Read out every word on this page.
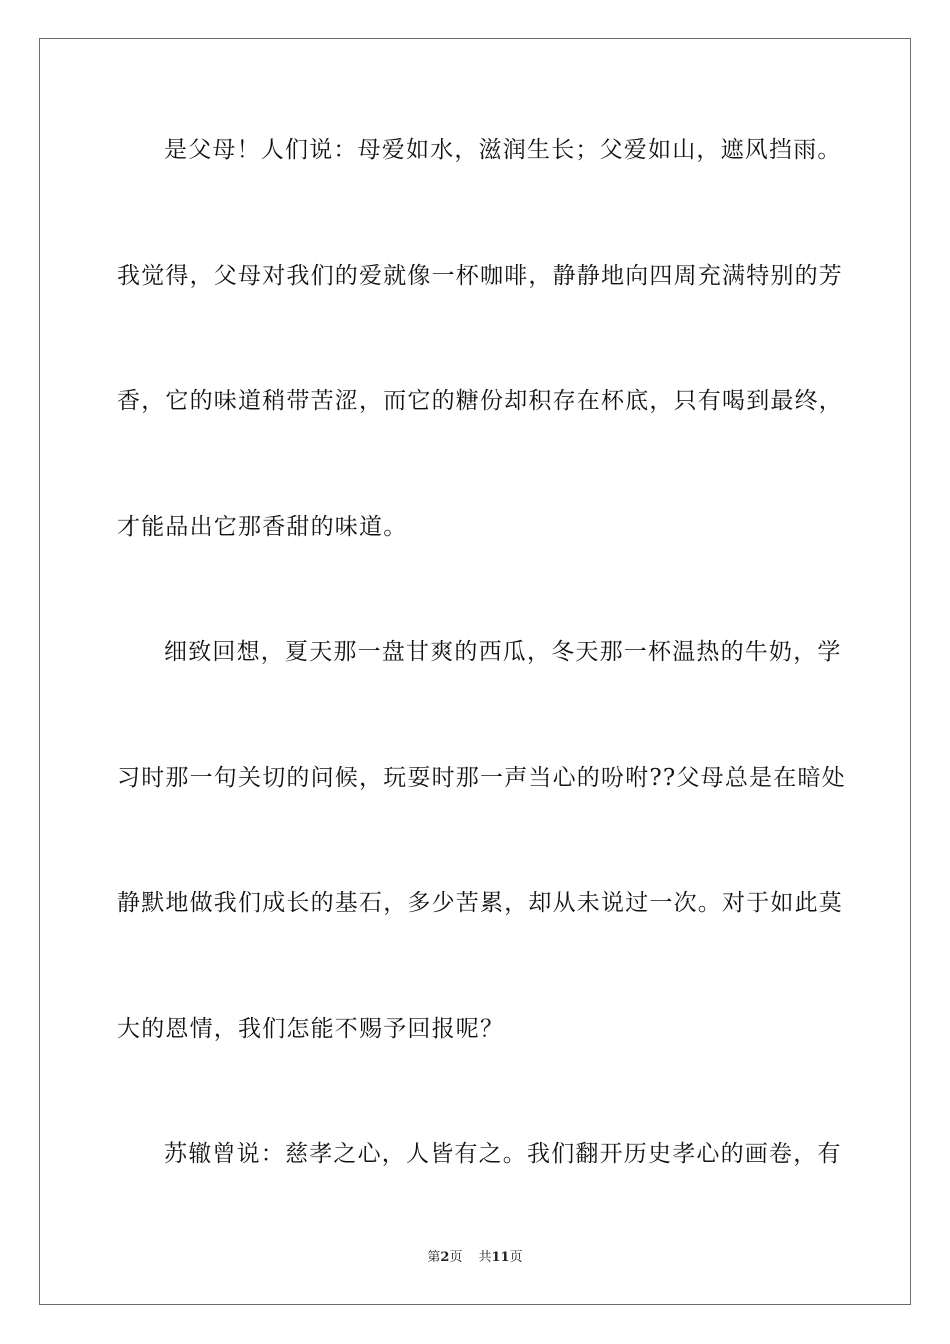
是父母！人们说：母爱如水，滋润生长；父爱如山，遮风挡雨。
我觉得，父母对我们的爱就像一杯咖啡，静静地向四周充满特别的芳
香，它的味道稍带苦涩，而它的糖份却积存在杯底，只有喝到最终，
才能品出它那香甜的味道。
细致回想，夏天那一盘甘爽的西瓜，冬天那一杯温热的牛奶，学
习时那一句关切的问候，玩耍时那一声当心的吩咐??父母总是在暗处
静默地做我们成长的基石，多少苦累，却从未说过一次。对于如此莫
大的恩情，我们怎能不赐予回报呢？
苏辙曾说：慈孝之心，人皆有之。我们翻开历史孝心的画卷，有
第2页 共11页
